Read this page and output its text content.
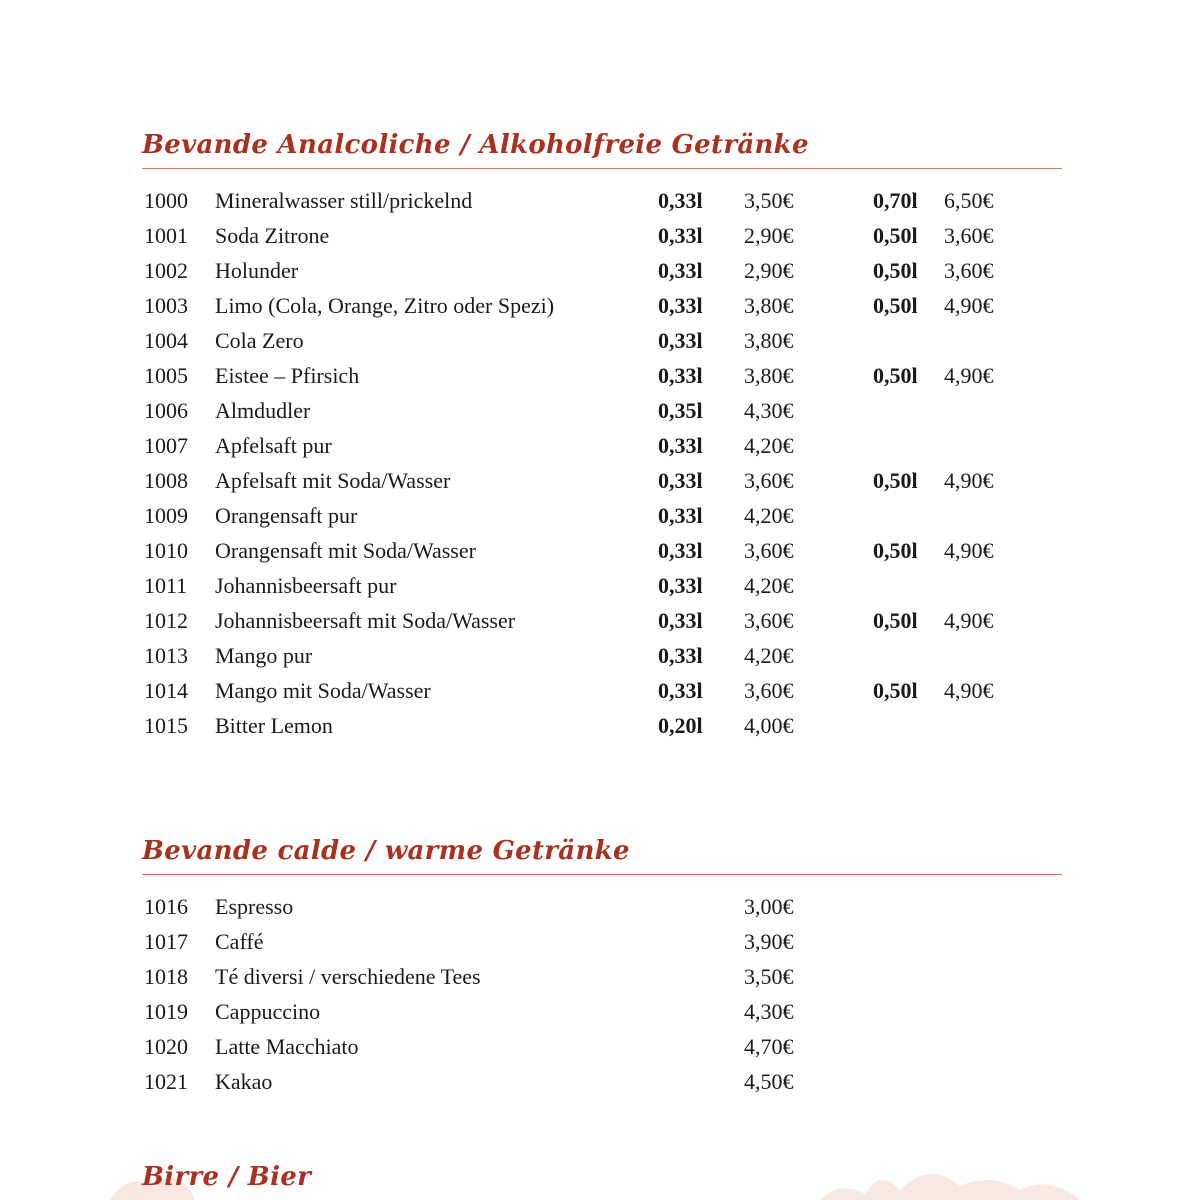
Bevande Analcoliche / Alkoholfreie Getränke
1000 Mineralwasser still/prickelnd	0,33l 3,50€	0,70l 6,50€
1001 Soda Zitrone	0,33l 2,90€	0,50l 3,60€
1002 Holunder	0,33l 2,90€	0,50l 3,60€
1003 Limo (Cola, Orange, Zitro oder Spezi)	0,33l 3,80€	0,50l 4,90€
1004 Cola Zero	0,33l 3,80€
1005 Eistee – Pfirsich	0,33l 3,80€	0,50l 4,90€
1006 Almdudler	0,35l 4,30€
1007 Apfelsaft pur	0,33l 4,20€
1008 Apfelsaft mit Soda/Wasser	0,33l 3,60€	0,50l 4,90€
1009 Orangensaft pur	0,33l 4,20€
1010 Orangensaft mit Soda/Wasser	0,33l 3,60€	0,50l 4,90€
1011 Johannisbeersaft pur	0,33l 4,20€
1012 Johannisbeersaft mit Soda/Wasser	0,33l 3,60€	0,50l 4,90€
1013 Mango pur	0,33l 4,20€
1014 Mango mit Soda/Wasser	0,33l 3,60€	0,50l 4,90€
1015 Bitter Lemon	0,20l 4,00€
Bevande calde / warme Getränke
1016 Espresso	3,00€
1017 Caffé	3,90€
1018 Té diversi / verschiedene Tees	3,50€
1019 Cappuccino	4,30€
1020 Latte Macchiato	4,70€
1021 Kakao	4,50€
Birre / Bier
